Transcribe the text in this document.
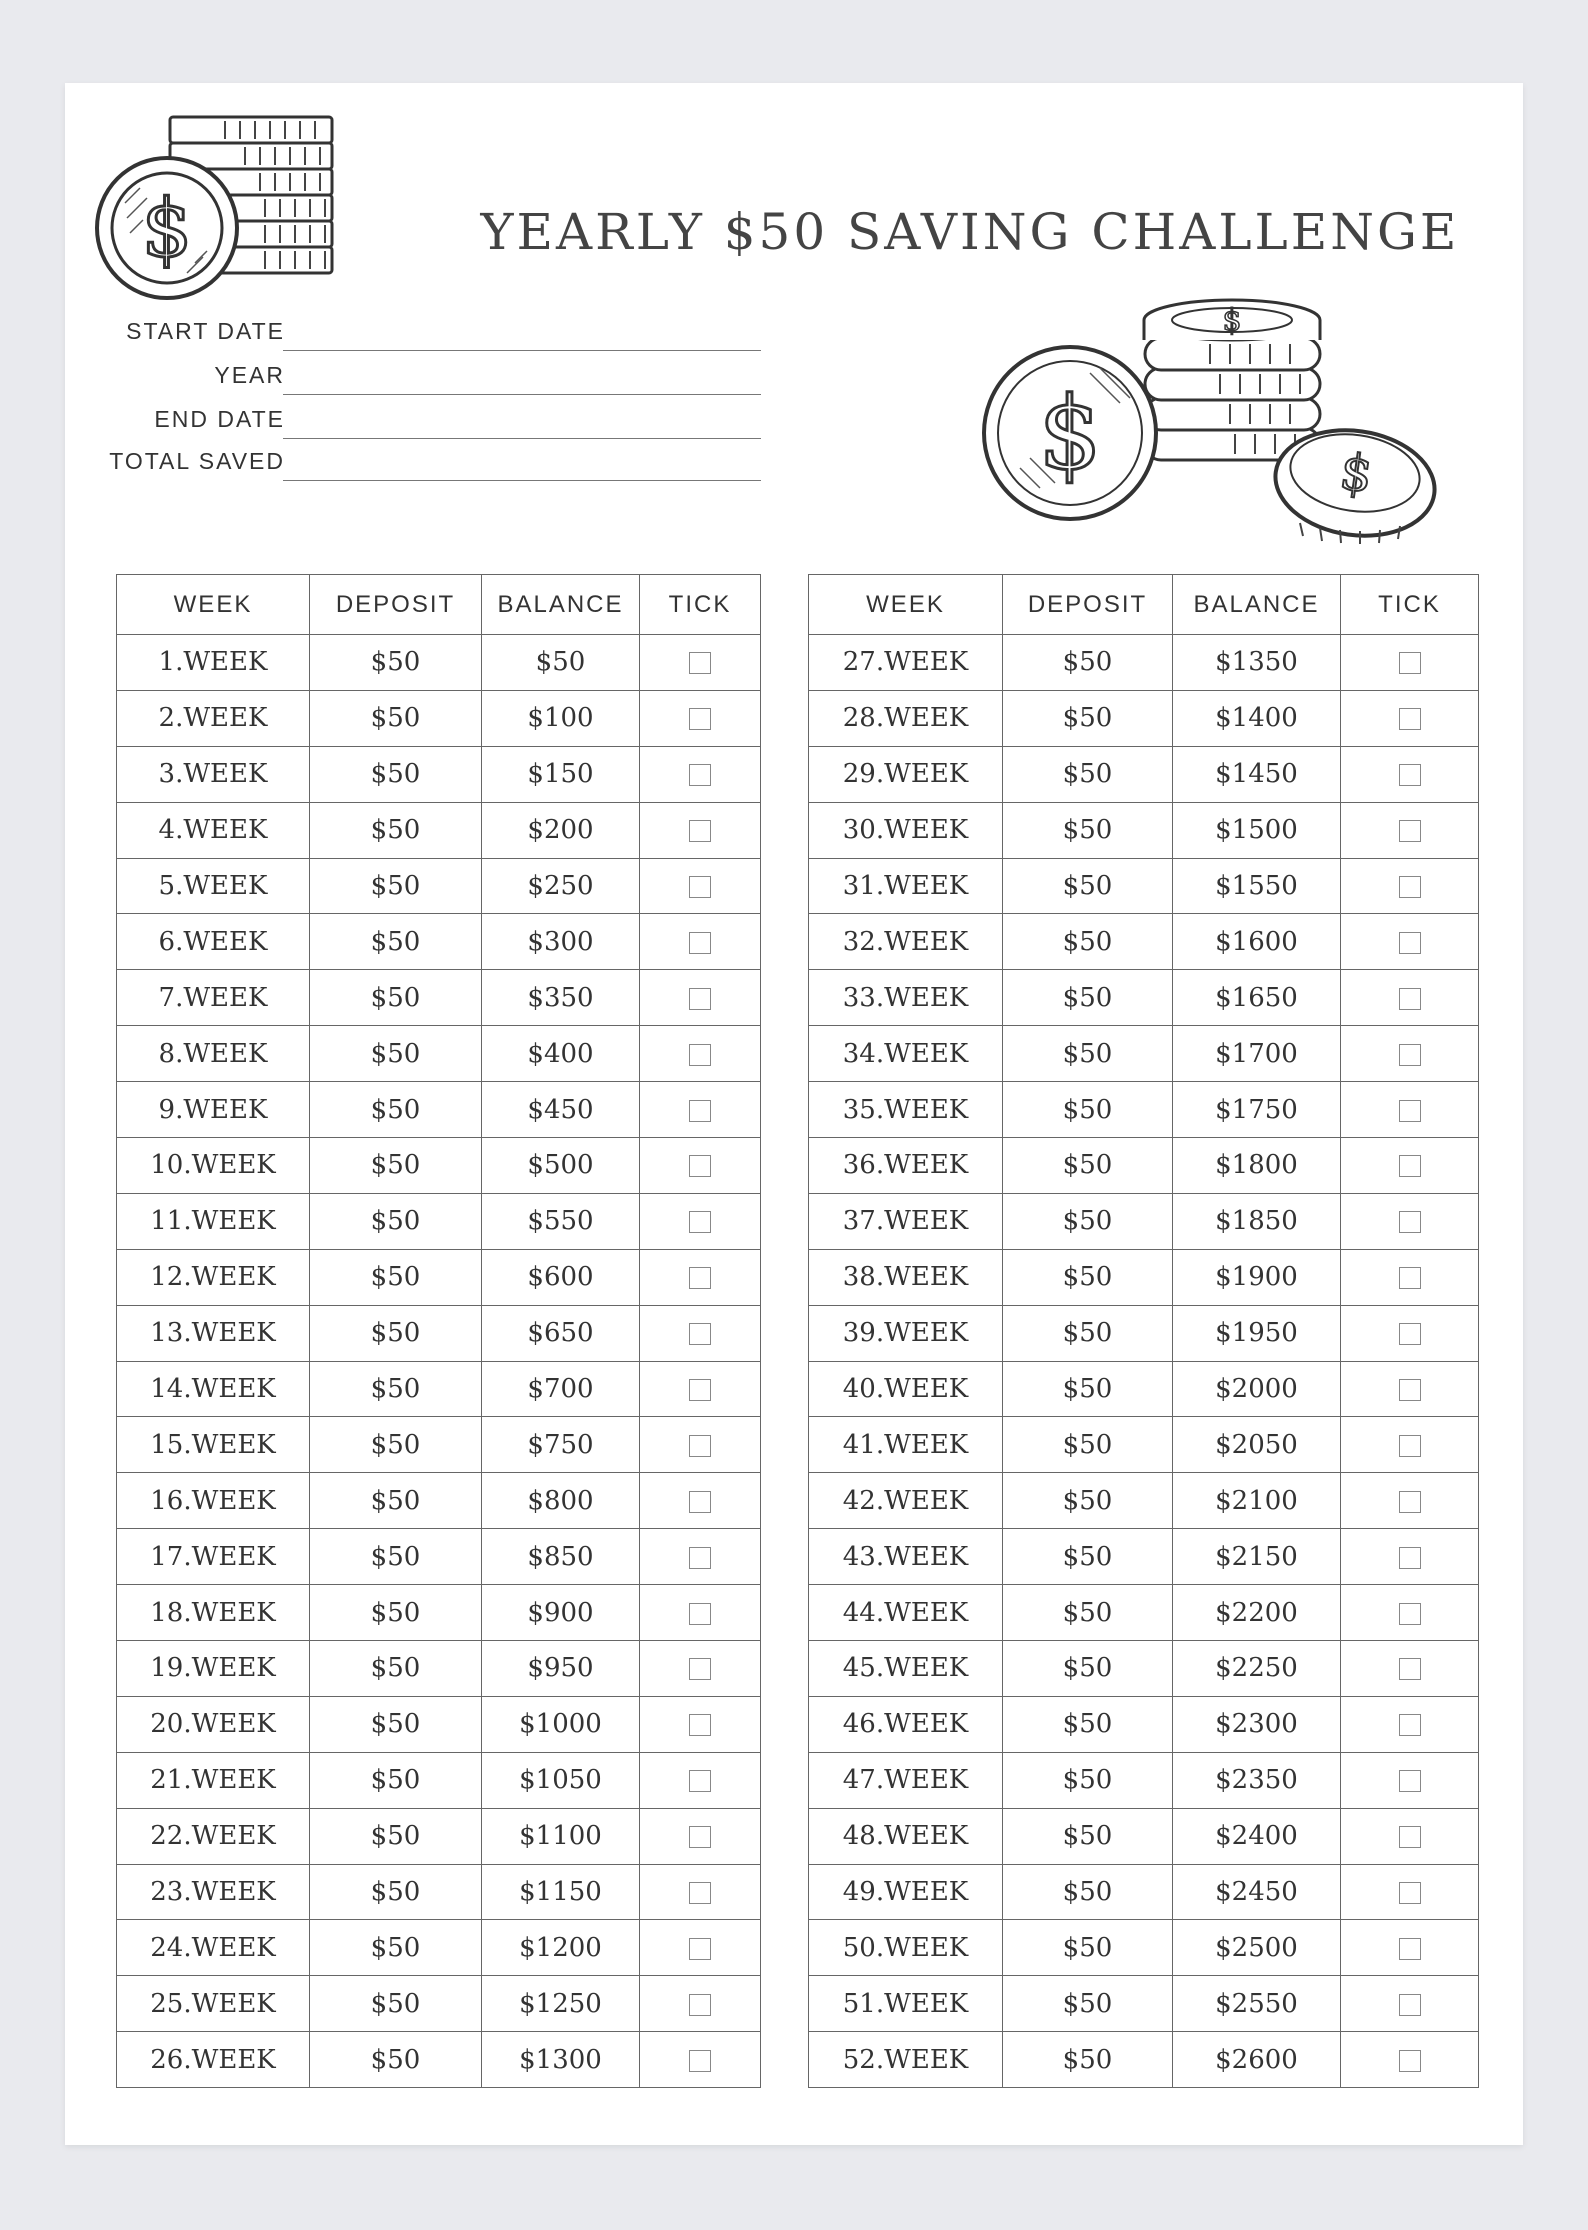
$	YEARLY $50 SAVING CHALLENGE
START DATE
YEAR
END DATE
TOTAL SAVED
$
$	$
WEEK	DEPOSIT	BALANCE	TICK
1.WEEK	$50	$50	
2.WEEK	$50	$100	
3.WEEK	$50	$150	
4.WEEK	$50	$200	
5.WEEK	$50	$250	
6.WEEK	$50	$300	
7.WEEK	$50	$350	
8.WEEK	$50	$400	
9.WEEK	$50	$450	
10.WEEK	$50	$500	
11.WEEK	$50	$550	
12.WEEK	$50	$600	
13.WEEK	$50	$650	
14.WEEK	$50	$700	
15.WEEK	$50	$750	
16.WEEK	$50	$800	
17.WEEK	$50	$850	
18.WEEK	$50	$900	
19.WEEK	$50	$950	
20.WEEK	$50	$1000	
21.WEEK	$50	$1050	
22.WEEK	$50	$1100	
23.WEEK	$50	$1150	
24.WEEK	$50	$1200	
25.WEEK	$50	$1250	
26.WEEK	$50	$1300	
WEEK	DEPOSIT	BALANCE	TICK
27.WEEK	$50	$1350	
28.WEEK	$50	$1400	
29.WEEK	$50	$1450	
30.WEEK	$50	$1500	
31.WEEK	$50	$1550	
32.WEEK	$50	$1600	
33.WEEK	$50	$1650	
34.WEEK	$50	$1700	
35.WEEK	$50	$1750	
36.WEEK	$50	$1800	
37.WEEK	$50	$1850	
38.WEEK	$50	$1900	
39.WEEK	$50	$1950	
40.WEEK	$50	$2000	
41.WEEK	$50	$2050	
42.WEEK	$50	$2100	
43.WEEK	$50	$2150	
44.WEEK	$50	$2200	
45.WEEK	$50	$2250	
46.WEEK	$50	$2300	
47.WEEK	$50	$2350	
48.WEEK	$50	$2400	
49.WEEK	$50	$2450	
50.WEEK	$50	$2500	
51.WEEK	$50	$2550	
52.WEEK	$50	$2600	
